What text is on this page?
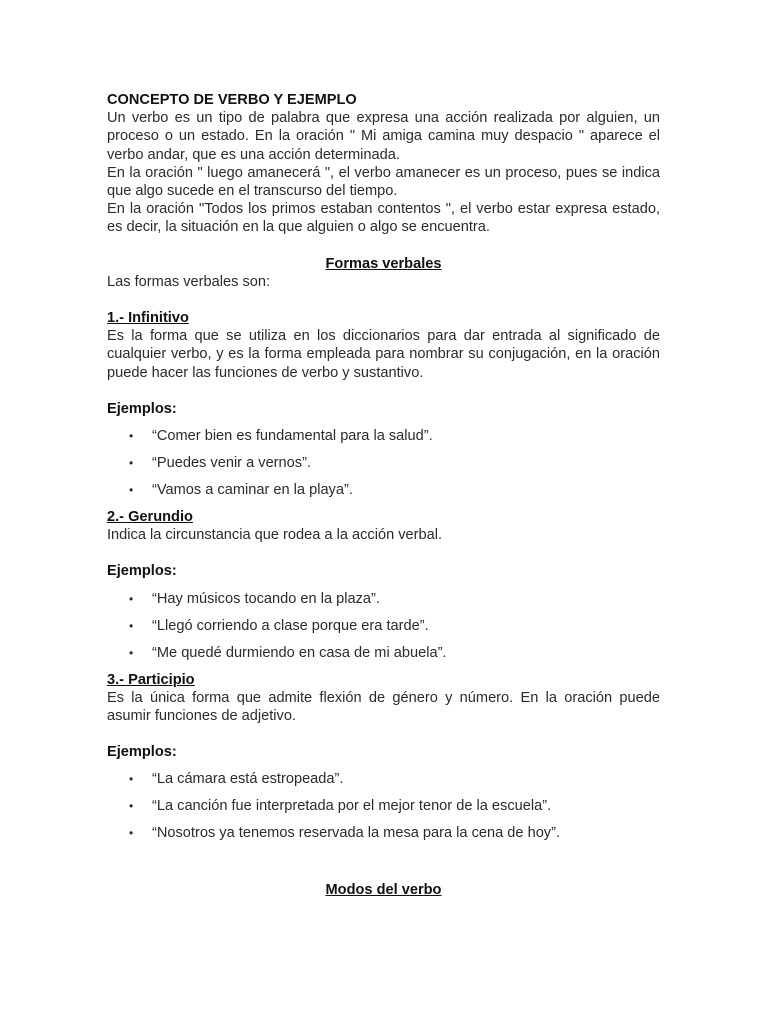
CONCEPTO DE VERBO Y EJEMPLO

Un verbo es un tipo de palabra que expresa una acción realizada por alguien, un proceso o un estado. En la oración " Mi amiga camina muy despacio " aparece el verbo andar, que es una acción determinada.

En la oración " luego amanecerá ", el verbo amanecer es un proceso, pues se indica que algo sucede en el transcurso del tiempo.

En la oración "Todos los primos estaban contentos ", el verbo estar expresa estado, es decir, la situación en la que alguien o algo se encuentra.

Formas verbales

Las formas verbales son:

1.- Infinitivo

Es la forma que se utiliza en los diccionarios para dar entrada al significado de cualquier verbo, y es la forma empleada para nombrar su conjugación, en la oración puede hacer las funciones de verbo y sustantivo.

Ejemplos:

• “Comer bien es fundamental para la salud”.
• “Puedes venir a vernos”.
• “Vamos a caminar en la playa”.

2.- Gerundio

Indica la circunstancia que rodea a la acción verbal.

Ejemplos:

• “Hay músicos tocando en la plaza”.
• “Llegó corriendo a clase porque era tarde”.
• “Me quedé durmiendo en casa de mi abuela”.

3.- Participio

Es la única forma que admite flexión de género y número. En la oración puede asumir funciones de adjetivo.

Ejemplos:

• “La cámara está estropeada”.
• “La canción fue interpretada por el mejor tenor de la escuela”.
• “Nosotros ya tenemos reservada la mesa para la cena de hoy”.

Modos del verbo
